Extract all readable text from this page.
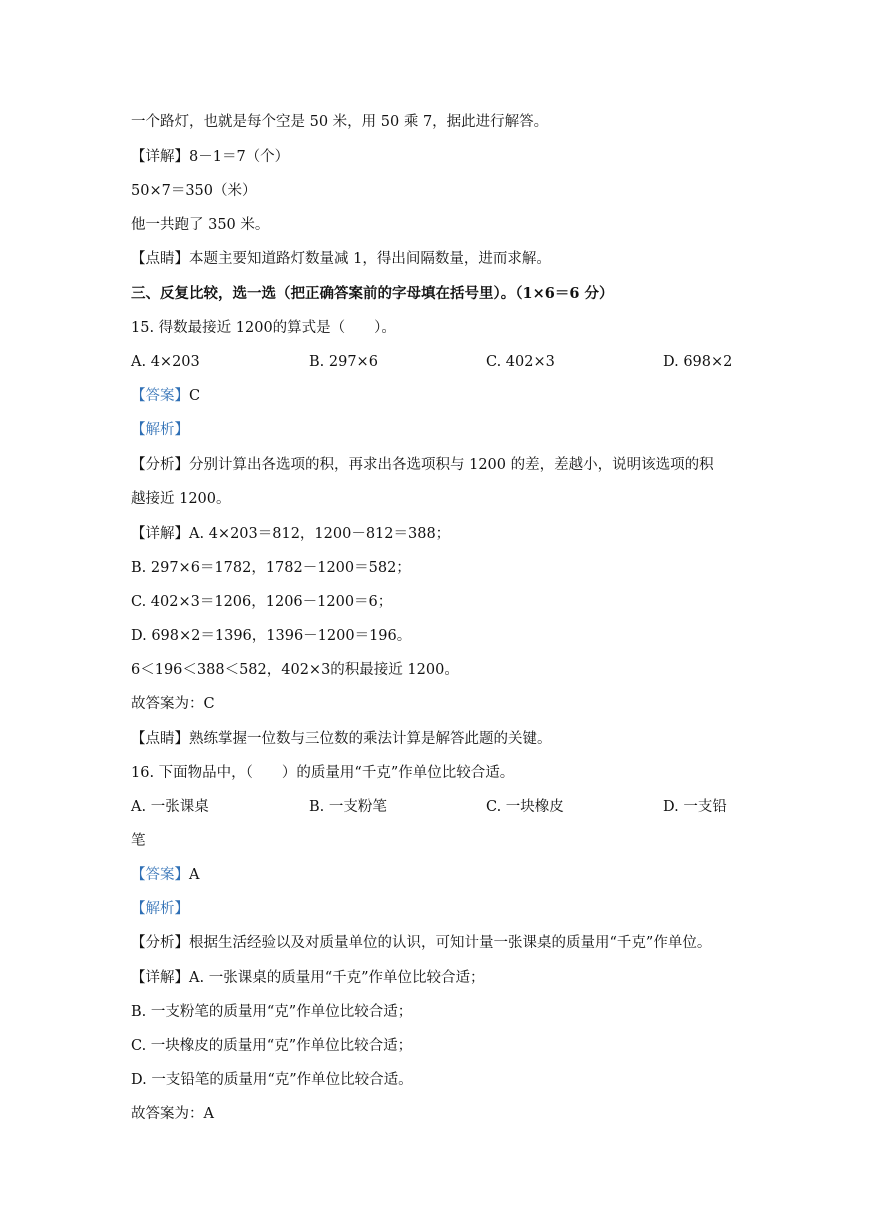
一个路灯，也就是每个空是 50 米，用 50 乘 7，据此进行解答。
【详解】8－1＝7（个）
50×7＝350（米）
他一共跑了 350 米。
【点睛】本题主要知道路灯数量减 1，得出间隔数量，进而求解。
三、反复比较，选一选（把正确答案前的字母填在括号里）。（1×6＝6 分）
15. 得数最接近 1200的算式是（　　）。
A. 4×203	B. 297×6	C. 402×3	D. 698×2
【答案】C
【解析】
【分析】分别计算出各选项的积，再求出各选项积与 1200 的差，差越小，说明该选项的积
越接近 1200。
【详解】A. 4×203＝812，1200－812＝388；
B. 297×6＝1782，1782－1200＝582；
C. 402×3＝1206，1206－1200＝6；
D. 698×2＝1396，1396－1200＝196。
6＜196＜388＜582，402×3的积最接近 1200。
故答案为：C
【点睛】熟练掌握一位数与三位数的乘法计算是解答此题的关键。
16. 下面物品中，（　　）的质量用“千克”作单位比较合适。
A. 一张课桌	B. 一支粉笔	C. 一块橡皮	D. 一支铅
笔
【答案】A
【解析】
【分析】根据生活经验以及对质量单位的认识，可知计量一张课桌的质量用“千克”作单位。
【详解】A. 一张课桌的质量用“千克”作单位比较合适；
B. 一支粉笔的质量用“克”作单位比较合适；
C. 一块橡皮的质量用“克”作单位比较合适；
D. 一支铅笔的质量用“克”作单位比较合适。
故答案为：A
